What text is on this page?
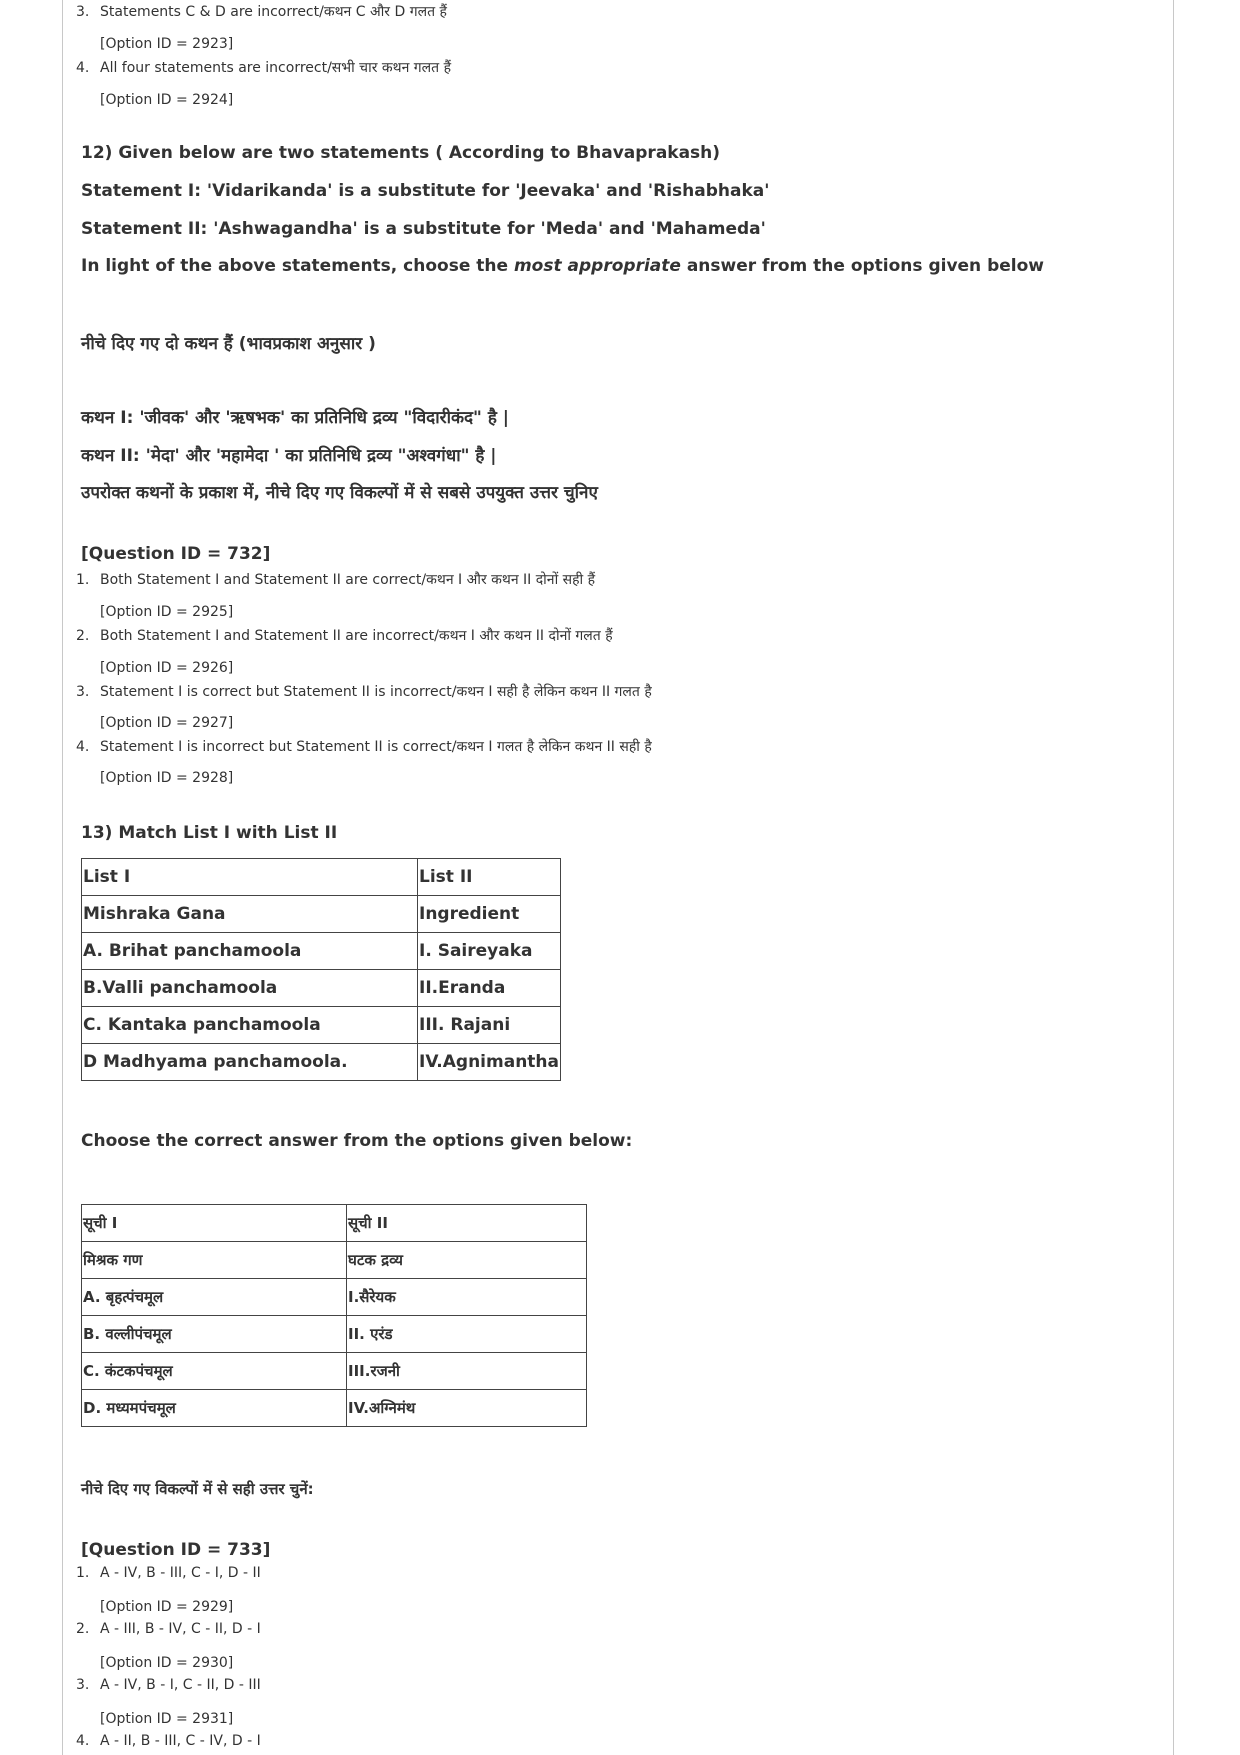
3. Statements C & D are incorrect/कथन C और D गलत हैं
[Option ID = 2923]
4. All four statements are incorrect/सभी चार कथन गलत हैं
[Option ID = 2924]
12) Given below are two statements ( According to Bhavaprakash)
Statement I: 'Vidarikanda' is a substitute for 'Jeevaka' and 'Rishabhaka'
Statement II: 'Ashwagandha' is a substitute for 'Meda' and 'Mahameda'
In light of the above statements, choose the most appropriate answer from the options given below
नीचे दिए गए दो कथन हैं (भावप्रकाश अनुसार )
कथन I: 'जीवक' और 'ऋषभक' का प्रतिनिधि द्रव्य "विदारीकंद" है |
कथन II: 'मेदा' और 'महामेदा ' का प्रतिनिधि द्रव्य "अश्वगंधा" है |
उपरोक्त कथनों के प्रकाश में, नीचे दिए गए विकल्पों में से सबसे उपयुक्त उत्तर चुनिए
[Question ID = 732]
1. Both Statement I and Statement II are correct/कथन I और कथन II दोनों सही हैं
[Option ID = 2925]
2. Both Statement I and Statement II are incorrect/कथन I और कथन II दोनों गलत हैं
[Option ID = 2926]
3. Statement I is correct but Statement II is incorrect/कथन I सही है लेकिन कथन II गलत है
[Option ID = 2927]
4. Statement I is incorrect but Statement II is correct/कथन I गलत है लेकिन कथन II सही है
[Option ID = 2928]
13) Match List I with List II
List I	List II
Mishraka Gana	Ingredient
A. Brihat panchamoola	I. Saireyaka
B.Valli panchamoola	II.Eranda
C. Kantaka panchamoola	III. Rajani
D Madhyama panchamoola.	IV.Agnimantha
Choose the correct answer from the options given below:
सूची I	सूची II
मिश्रक गण	घटक द्रव्य
A. बृहत्पंचमूल	I.सैरेयक
B. वल्लीपंचमूल	II. एरंड
C. कंटकपंचमूल	III.रजनी
D. मध्यमपंचमूल	IV.अग्निमंथ
नीचे दिए गए विकल्पों में से सही उत्तर चुनें:
[Question ID = 733]
1. A - IV, B - III, C - I, D - II
[Option ID = 2929]
2. A - III, B - IV, C - II, D - I
[Option ID = 2930]
3. A - IV, B - I, C - II, D - III
[Option ID = 2931]
4. A - II, B - III, C - IV, D - I
